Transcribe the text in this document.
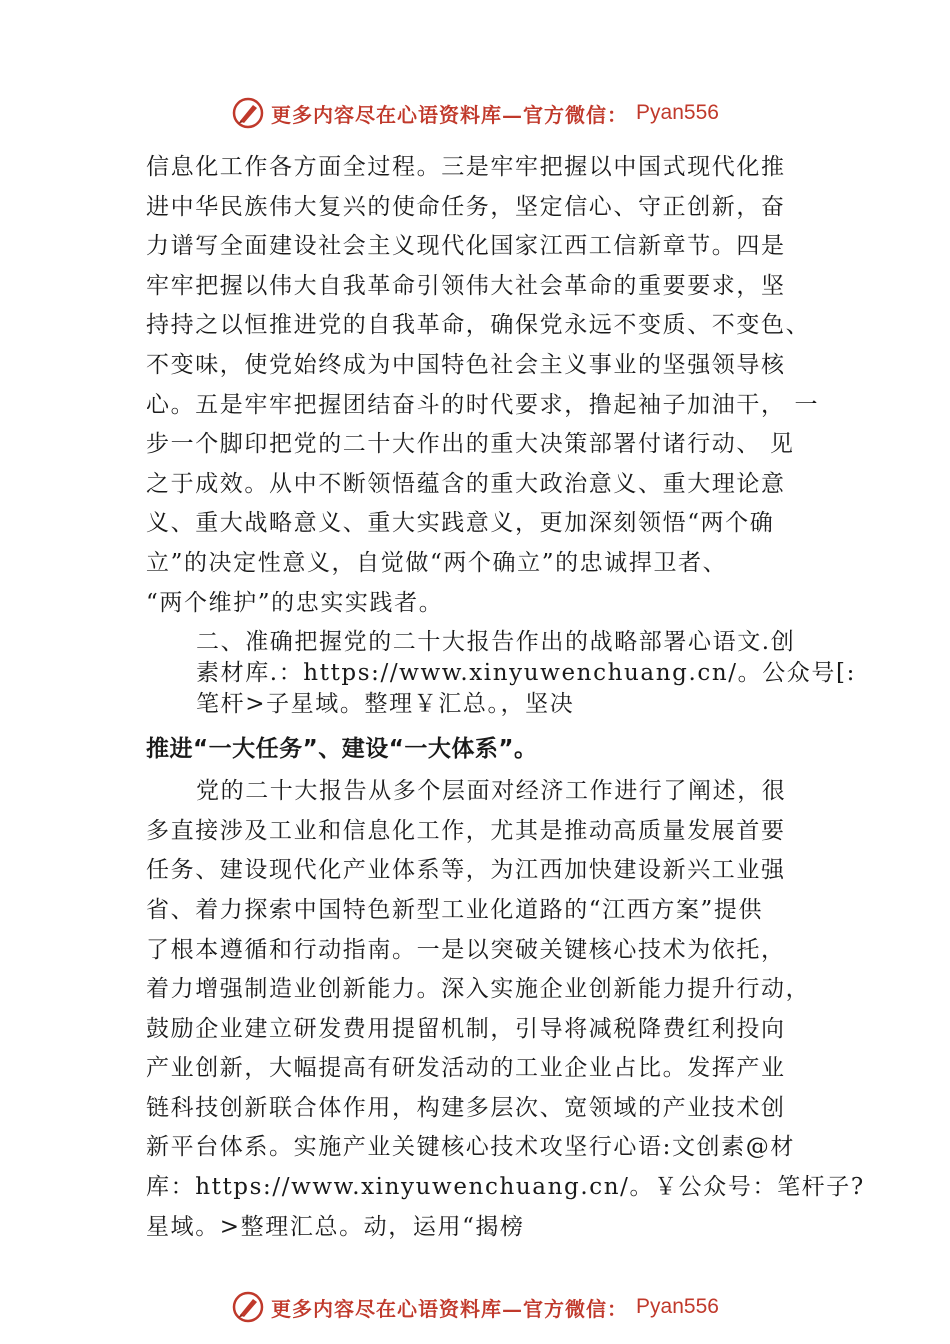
更多内容尽在心语资料库—官方微信： Pyan556
信息化工作各方面全过程。三是牢牢把握以中国式现代化推
进中华民族伟大复兴的使命任务，坚定信心、守正创新，奋
力谱写全面建设社会主义现代化国家江西工信新章节。四是
牢牢把握以伟大自我革命引领伟大社会革命的重要要求，坚
持持之以恒推进党的自我革命，确保党永远不变质、不变色、
不变味，使党始终成为中国特色社会主义事业的坚强领导核
心。五是牢牢把握团结奋斗的时代要求，撸起袖子加油干， 一
步一个脚印把党的二十大作出的重大决策部署付诸行动、 见
之于成效。从中不断领悟蕴含的重大政治意义、重大理论意
义、重大战略意义、重大实践意义，更加深刻领悟“两个确
立”的决定性意义，自觉做“两个确立”的忠诚捍卫者、
“两个维护”的忠实实践者。
二、准确把握党的二十大报告作出的战略部署心语文.创
素材库.：https://www.xinyuwenchuang.cn/。公众号[:
笔杆>子星域。整理￥汇总。，坚决
推进“一大任务”、建设“一大体系”。
党的二十大报告从多个层面对经济工作进行了阐述，很
多直接涉及工业和信息化工作，尤其是推动高质量发展首要
任务、建设现代化产业体系等，为江西加快建设新兴工业强
省、着力探索中国特色新型工业化道路的“江西方案”提供
了根本遵循和行动指南。一是以突破关键核心技术为依托，
着力增强制造业创新能力。深入实施企业创新能力提升行动，
鼓励企业建立研发费用提留机制，引导将减税降费红利投向
产业创新，大幅提高有研发活动的工业企业占比。发挥产业
链科技创新联合体作用，构建多层次、宽领域的产业技术创
新平台体系。实施产业关键核心技术攻坚行心语:文创素@材
库：https://www.xinyuwenchuang.cn/。￥公众号：笔杆子?
星域。>整理汇总。动，运用“揭榜
更多内容尽在心语资料库—官方微信： Pyan556
